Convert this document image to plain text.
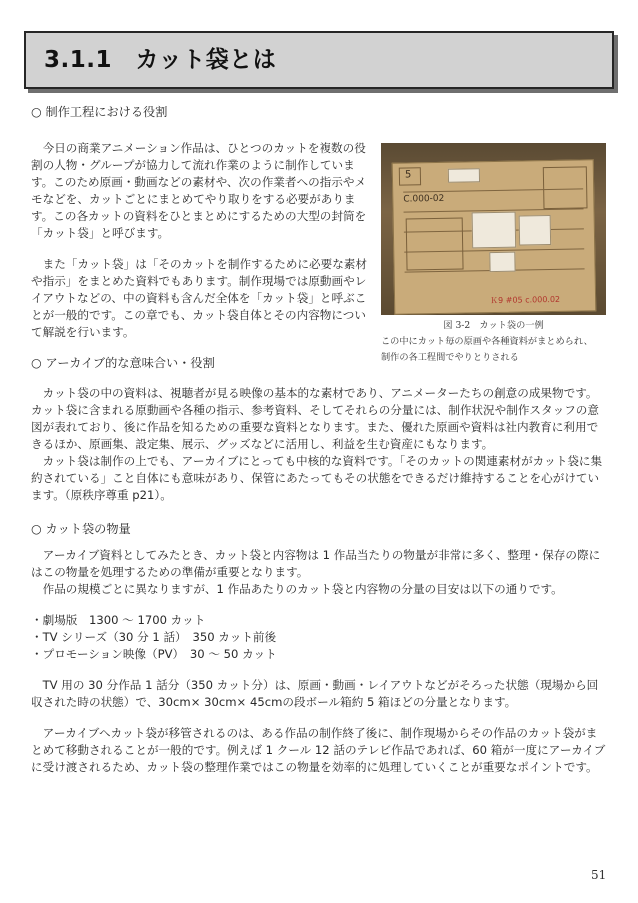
3.1.1　カット袋とは
○ 制作工程における役割

今日の商業アニメーション作品は、ひとつのカットを複数の役割の人物・グループが協力して流れ作業のように制作しています。このため原画・動画などの素材や、次の作業者への指示やメモなどを、カットごとにまとめてやり取りをする必要があります。この各カットの資料をひとまとめにするための大型の封筒を「カット袋」と呼びます。

また「カット袋」は「そのカットを制作するために必要な素材や指示」をまとめた資料でもあります。制作現場では原動画やレイアウトなどの、中の資料も含んだ全体を「カット袋」と呼ぶことが一般的です。この章でも、カット袋自体とその内容物について解説を行います。

5
C.000-02
Ｋ9 #05 c.000.02
図 3-2　カット袋の一例
この中にカット毎の原画や各種資料がまとめられ、
制作の各工程間でやりとりされる
○ アーカイブ的な意味合い・役割

カット袋の中の資料は、視聴者が見る映像の基本的な素材であり、アニメーターたちの創意の成果物です。カット袋に含まれる原動画や各種の指示、参考資料、そしてそれらの分量には、制作状況や制作スタッフの意図が表れており、後に作品を知るための重要な資料となります。また、優れた原画や資料は社内教育に利用できるほか、原画集、設定集、展示、グッズなどに活用し、利益を生む資産にもなります。

カット袋は制作の上でも、アーカイブにとっても中核的な資料です。「そのカットの関連素材がカット袋に集約されている」こと自体にも意味があり、保管にあたってもその状態をできるだけ維持することを心がけています。（原秩序尊重 p21）。

○ カット袋の物量

アーカイブ資料としてみたとき、カット袋と内容物は 1 作品当たりの物量が非常に多く、整理・保存の際にはこの物量を処理するための準備が重要となります。

作品の規模ごとに異なりますが、1 作品あたりのカット袋と内容物の分量の目安は以下の通りです。

・劇場版　1300 ～ 1700 カット

・TV シリーズ（30 分 1 話）　350 カット前後

・プロモーション映像（PV）　30 ～ 50 カット

TV 用の 30 分作品 1 話分（350 カット分）は、原画・動画・レイアウトなどがそろった状態（現場から回収された時の状態）で、30cm× 30cm× 45cmの段ボール箱約 5 箱ほどの分量となります。

アーカイブへカット袋が移管されるのは、ある作品の制作終了後に、制作現場からその作品のカット袋がまとめて移動されることが一般的です。例えば 1 クール 12 話のテレビ作品であれば、60 箱が一度にアーカイブに受け渡されるため、カット袋の整理作業ではこの物量を効率的に処理していくことが重要なポイントです。

51
